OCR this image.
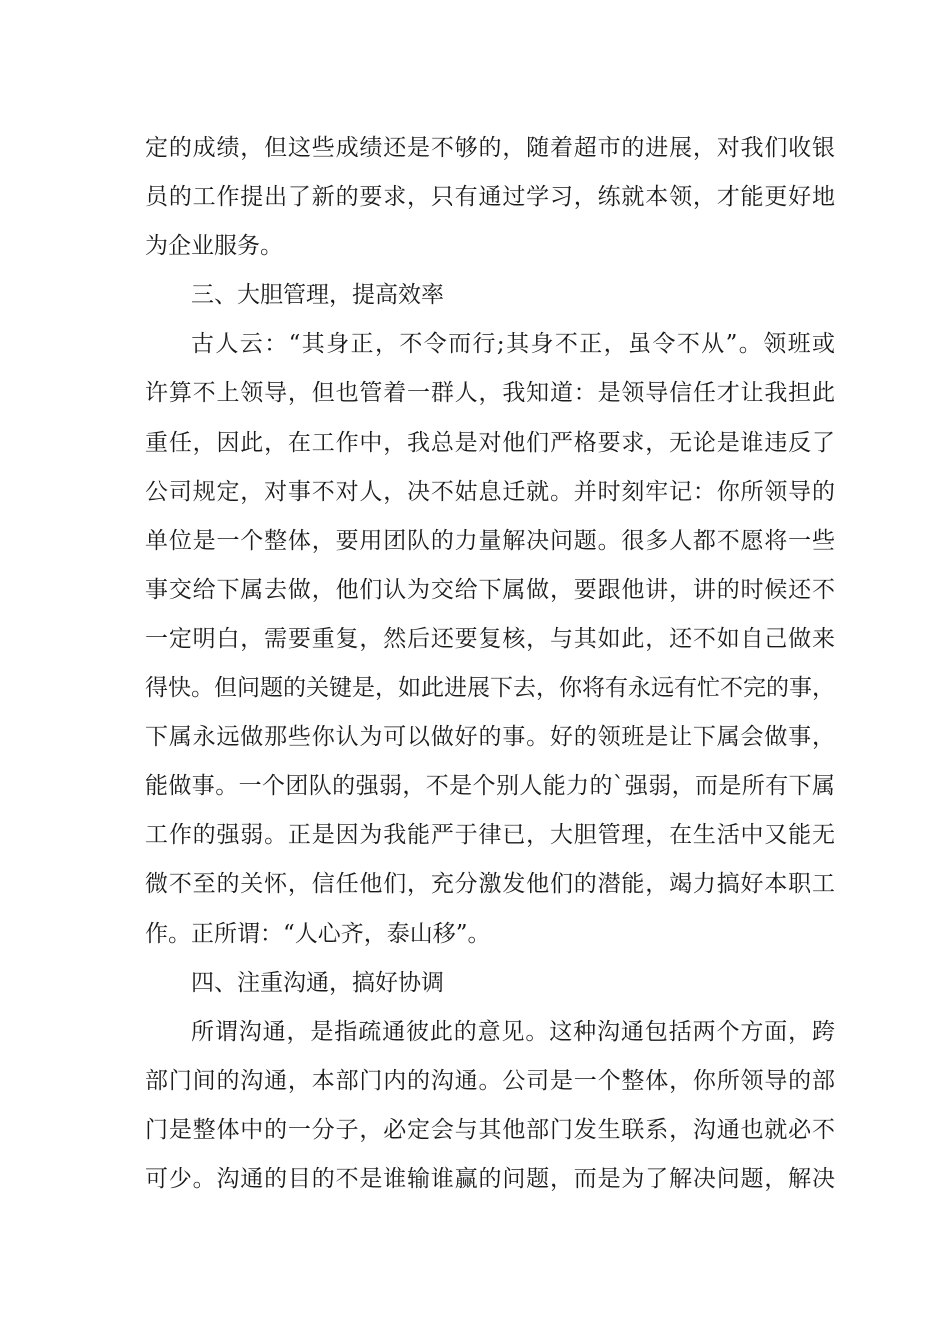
定的成绩，但这些成绩还是不够的，随着超市的进展，对我们收银
员的工作提出了新的要求，只有通过学习，练就本领，才能更好地
为企业服务。
三、大胆管理，提高效率
古人云：“其身正，不令而行;其身不正，虽令不从”。领班或
许算不上领导，但也管着一群人，我知道：是领导信任才让我担此
重任，因此，在工作中，我总是对他们严格要求，无论是谁违反了
公司规定，对事不对人，决不姑息迁就。并时刻牢记：你所领导的
单位是一个整体，要用团队的力量解决问题。很多人都不愿将一些
事交给下属去做，他们认为交给下属做，要跟他讲，讲的时候还不
一定明白，需要重复，然后还要复核，与其如此，还不如自己做来
得快。但问题的关键是，如此进展下去，你将有永远有忙不完的事，
下属永远做那些你认为可以做好的事。好的领班是让下属会做事，
能做事。一个团队的强弱，不是个别人能力的`强弱，而是所有下属
工作的强弱。正是因为我能严于律已，大胆管理，在生活中又能无
微不至的关怀，信任他们，充分激发他们的潜能，竭力搞好本职工
作。正所谓：“人心齐，泰山移”。
四、注重沟通，搞好协调
所谓沟通，是指疏通彼此的意见。这种沟通包括两个方面，跨
部门间的沟通，本部门内的沟通。公司是一个整体，你所领导的部
门是整体中的一分子，必定会与其他部门发生联系，沟通也就必不
可少。沟通的目的不是谁输谁赢的问题，而是为了解决问题，解决
